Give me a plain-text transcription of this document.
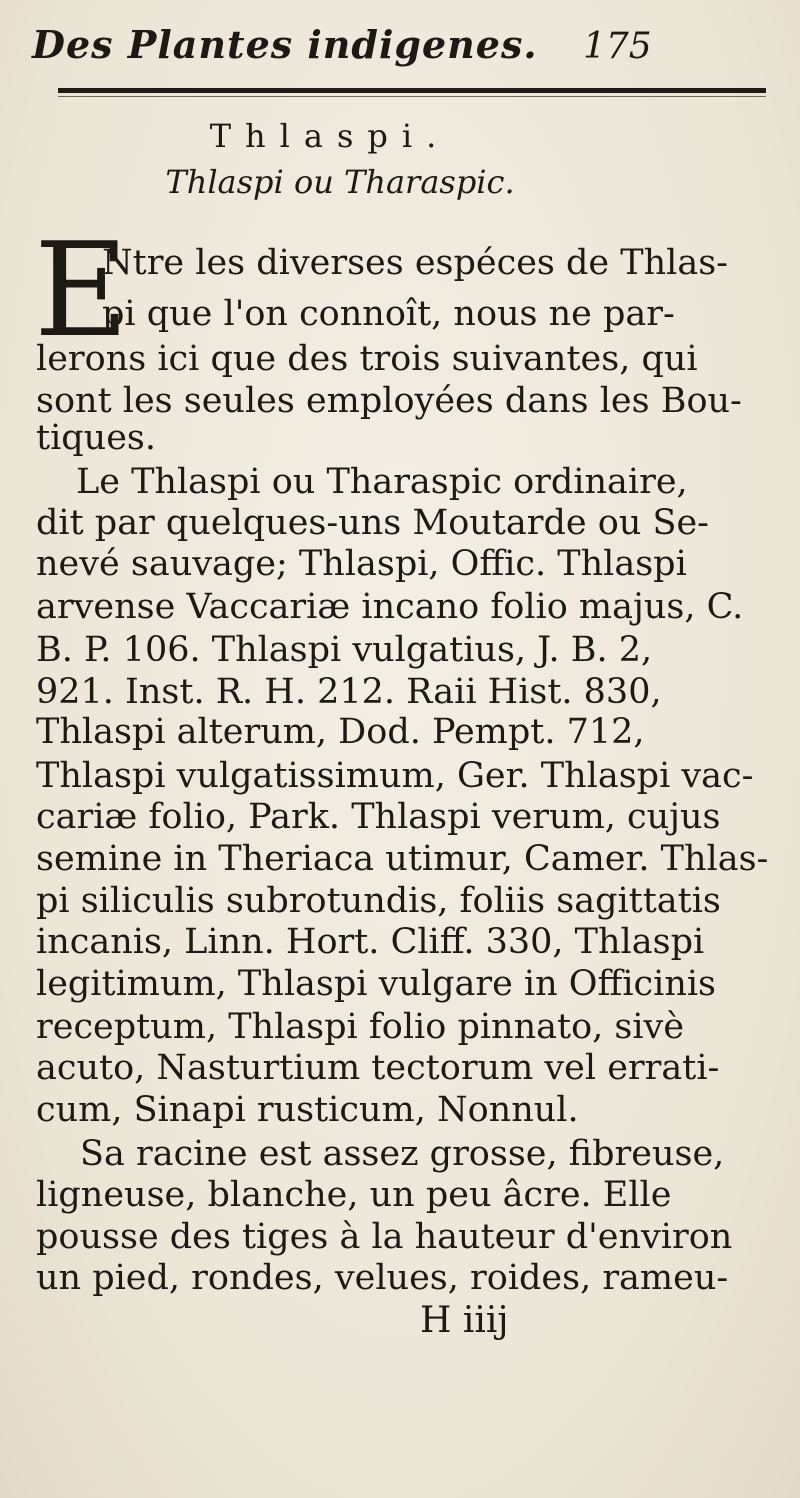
Des Plantes indigenes. 175
Thlaspi.
Thlaspi ou Tharaspic.
E
Ntre les diverses espéces de Thlas-
pi que l'on connoît, nous ne par-
lerons ici que des trois suivantes, qui
sont les seules employées dans les Bou-
tiques.
Le Thlaspi ou Tharaspic ordinaire,
dit par quelques-uns Moutarde ou Se-
nevé sauvage; Thlaspi, Offic. Thlaspi
arvense Vaccariæ incano folio majus, C.
B. P. 106. Thlaspi vulgatius, J. B. 2,
921. Inst. R. H. 212. Raii Hist. 830,
Thlaspi alterum, Dod. Pempt. 712,
Thlaspi vulgatissimum, Ger. Thlaspi vac-
cariæ folio, Park. Thlaspi verum, cujus
semine in Theriaca utimur, Camer. Thlas-
pi siliculis subrotundis, foliis sagittatis
incanis, Linn. Hort. Cliff. 330, Thlaspi
legitimum, Thlaspi vulgare in Officinis
receptum, Thlaspi folio pinnato, sivè
acuto, Nasturtium tectorum vel errati-
cum, Sinapi rusticum, Nonnul.
Sa racine est assez grosse, fibreuse,
ligneuse, blanche, un peu âcre. Elle
pousse des tiges à la hauteur d'environ
un pied, rondes, velues, roides, rameu-
H iiij
